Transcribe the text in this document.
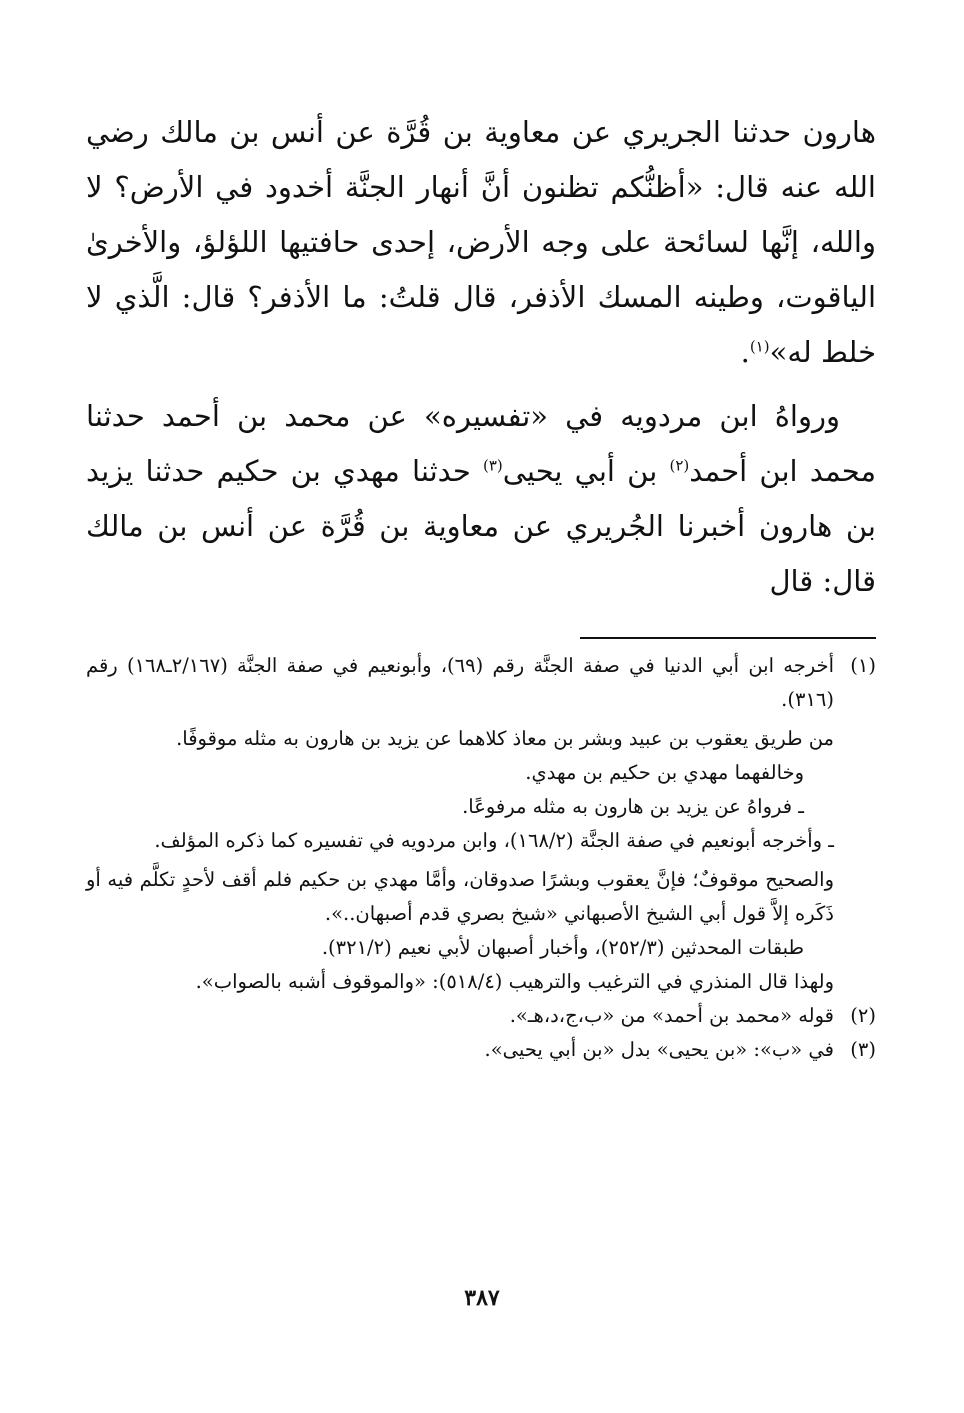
هارون حدثنا الجريري عن معاوية بن قُرَّة عن أنس بن مالك رضي الله عنه قال: «أظنُّكم تظنون أنَّ أنهار الجنَّة أخدود في الأرض؟ لا والله، إنَّها لسائحة على وجه الأرض، إحدى حافتيها اللؤلؤ، والأخرىٰ الياقوت، وطينه المسك الأذفر، قال قلتُ: ما الأذفر؟ قال: الَّذي لا خلط له»$^{(١)}$.

ورواهُ ابن مردويه في «تفسيره» عن محمد بن أحمد حدثنا محمد ابن أحمد$^{(٢)}$ بن أبي يحيى$^{(٣)}$ حدثنا مهدي بن حكيم حدثنا يزيد بن هارون أخبرنا الجُريري عن معاوية بن قُرَّة عن أنس بن مالك قال: قال

(١)
أخرجه ابن أبي الدنيا في صفة الجنَّة رقم (٦٩)، وأبونعيم في صفة الجنَّة (٢/١٦٧ـ١٦٨) رقم (٣١٦).
من طريق يعقوب بن عبيد وبشر بن معاذ كلاهما عن يزيد بن هارون به مثله موقوفًا.
وخالفهما مهدي بن حكيم بن مهدي.
ـ فرواهُ عن يزيد بن هارون به مثله مرفوعًا.
ـ وأخرجه أبونعيم في صفة الجنَّة (١٦٨/٢)، وابن مردويه في تفسيره كما ذكره المؤلف.
والصحيح موقوفٌ؛ فإنَّ يعقوب وبشرًا صدوقان، وأمَّا مهدي بن حكيم فلم أقف لأحدٍ تكلَّم فيه أو ذَكَره إلاَّ قول أبي الشيخ الأصبهاني «شيخ بصري قدم أصبهان..».
طبقات المحدثين (٢٥٢/٣)، وأخبار أصبهان لأبي نعيم (٣٢١/٢).
ولهذا قال المنذري في الترغيب والترهيب (٥١٨/٤): «والموقوف أشبه بالصواب».
(٢)
قوله «محمد بن أحمد» من «ب،ج،د،هـ».
(٣)
في «ب»: «بن يحيى» بدل «بن أبي يحيى».
٣٨٧
